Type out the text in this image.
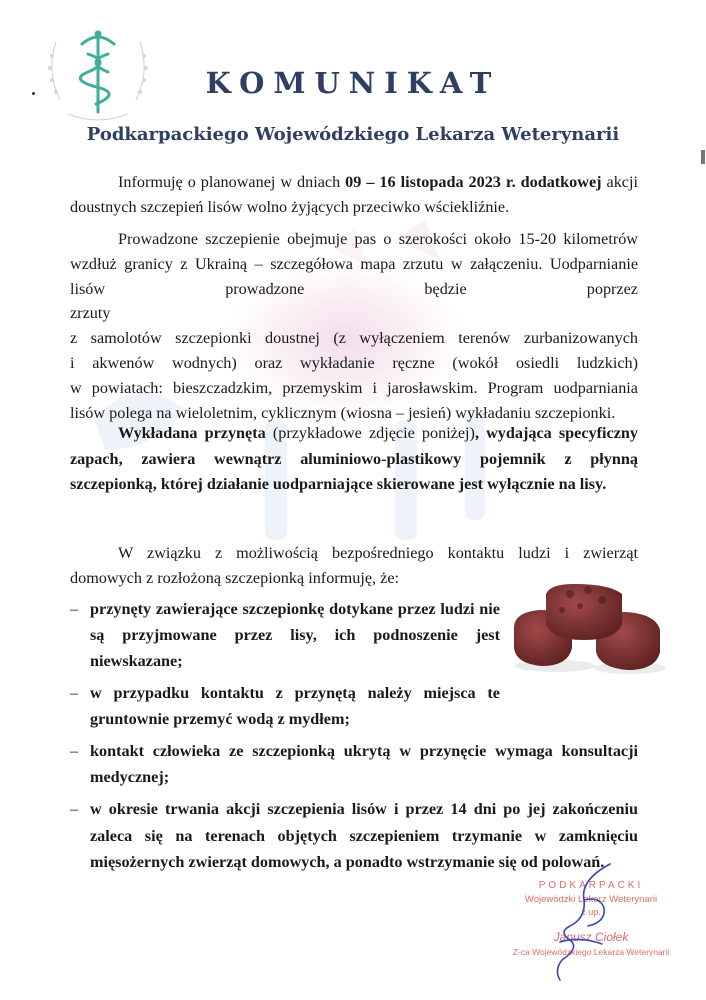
KOMUNIKAT
Podkarpackiego Wojewódzkiego Lekarza Weterynarii

Informuję o planowanej w dniach 09 – 16 listopada 2023 r. dodatkowej akcji doustnych szczepień lisów wolno żyjących przeciwko wściekliźnie.

Prowadzone szczepienie obejmuje pas o szerokości około 15-20 kilometrów
wzdłuż granicy z Ukrainą – szczegółowa mapa zrzutu w załączeniu. Uodparnianie
lisów prowadzone będzie poprzez zrzuty
z samolotów szczepionki doustnej (z wyłączeniem terenów zurbanizowanych
i akwenów wodnych) oraz wykładanie ręczne (wokół osiedli ludzkich)
w powiatach: bieszczadzkim, przemyskim i jarosławskim. Program uodparniania
lisów polega na wieloletnim, cyklicznym (wiosna – jesień) wykładaniu szczepionki.

Wykładana przynęta (przykładowe zdjęcie poniżej), wydająca specyficzny zapach, zawiera wewnątrz aluminiowo-plastikowy pojemnik z płynną szczepionką, której działanie uodparniające skierowane jest wyłącznie na lisy.

W związku z możliwością bezpośredniego kontaktu ludzi i zwierząt
domowych z rozłożoną szczepionką informuję, że:
– przynęty zawierające szczepionkę dotykane przez ludzi nie są przyjmowane przez lisy, ich podnoszenie jest niewskazane;
– w przypadku kontaktu z przynętą należy miejsca te gruntownie przemyć wodą z mydłem;
– kontakt człowieka ze szczepionką ukrytą w przynęcie wymaga konsultacji medycznej;
– w okresie trwania akcji szczepienia lisów i przez 14 dni po jej zakończeniu zaleca się na terenach objętych szczepieniem trzymanie w zamknięciu mięsożernych zwierząt domowych, a ponadto wstrzymanie się od polowań.
PODKARPACKI
Wojewódzki Lekarz Weterynarii
z up.
Janusz Ciołek
Z-ca Wojewódzkiego Lekarza Weterynarii
